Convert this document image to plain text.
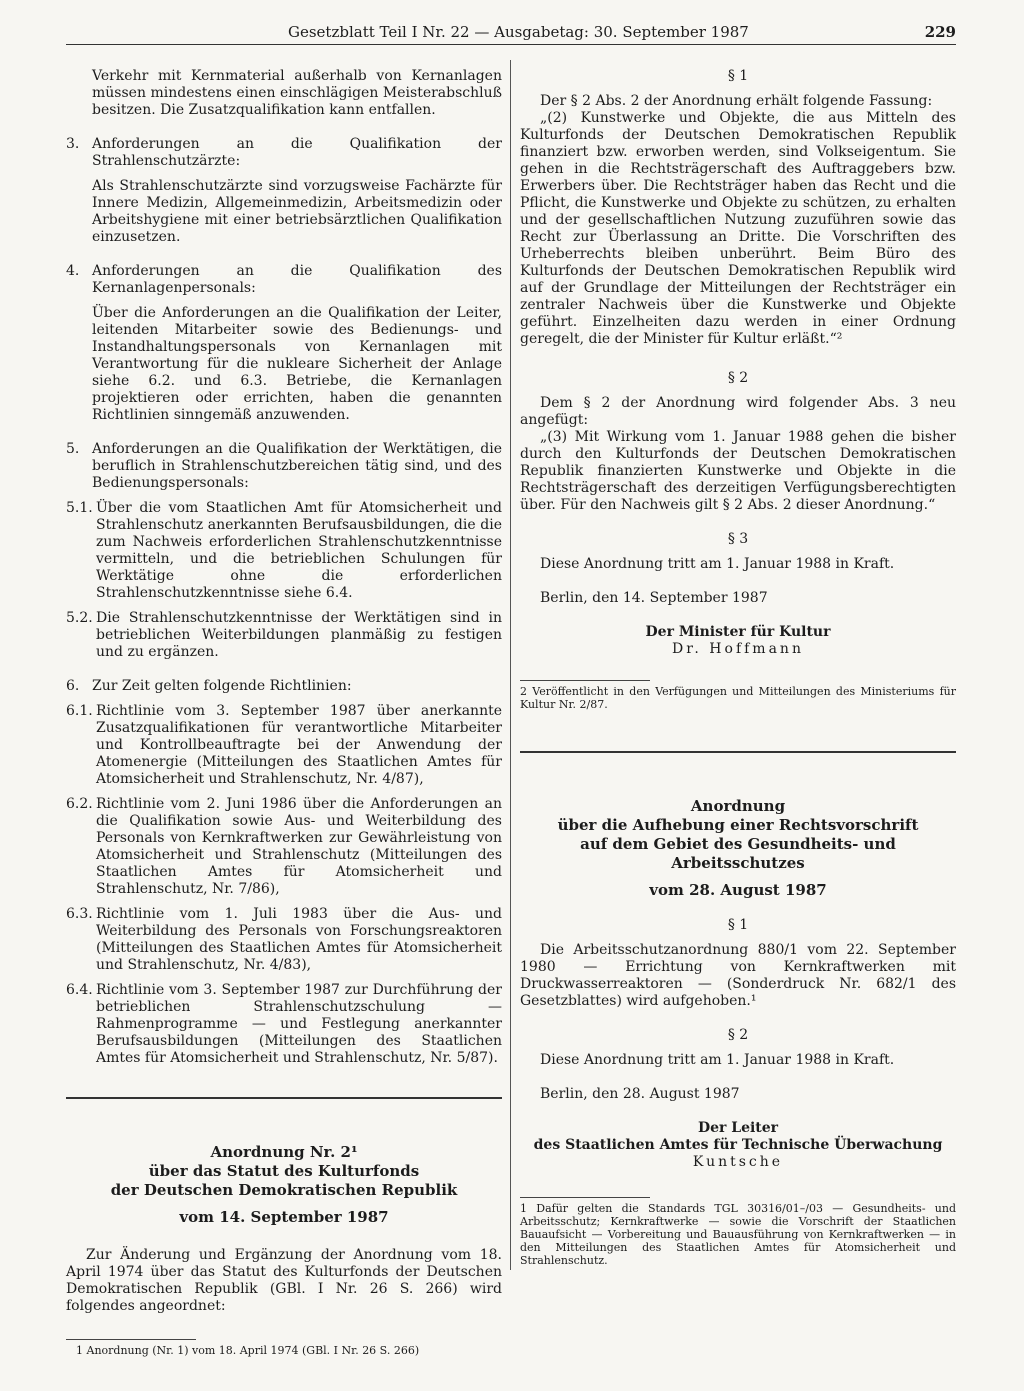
Gesetzblatt Teil I Nr. 22 — Ausgabetag: 30. September 1987	229

Verkehr mit Kernmaterial außerhalb von Kernanlagen müssen mindestens einen einschlägigen Meisterabschluß besitzen. Die Zusatzqualifikation kann entfallen.

3. Anforderungen an die Qualifikation der Strahlenschutzärzte:

Als Strahlenschutzärzte sind vorzugsweise Fachärzte für Innere Medizin, Allgemeinmedizin, Arbeitsmedizin oder Arbeitshygiene mit einer betriebsärztlichen Qualifikation einzusetzen.

4. Anforderungen an die Qualifikation des Kernanlagenpersonals:

Über die Anforderungen an die Qualifikation der Leiter, leitenden Mitarbeiter sowie des Bedienungs- und Instandhaltungspersonals von Kernanlagen mit Verantwortung für die nukleare Sicherheit der Anlage siehe 6.2. und 6.3. Betriebe, die Kernanlagen projektieren oder errichten, haben die genannten Richtlinien sinngemäß anzuwenden.

5. Anforderungen an die Qualifikation der Werktätigen, die beruflich in Strahlenschutzbereichen tätig sind, und des Bedienungspersonals:

5.1. Über die vom Staatlichen Amt für Atomsicherheit und Strahlenschutz anerkannten Berufsausbildungen, die die zum Nachweis erforderlichen Strahlenschutzkenntnisse vermitteln, und die betrieblichen Schulungen für Werktätige ohne die erforderlichen Strahlenschutzkenntnisse siehe 6.4.

5.2. Die Strahlenschutzkenntnisse der Werktätigen sind in betrieblichen Weiterbildungen planmäßig zu festigen und zu ergänzen.

6. Zur Zeit gelten folgende Richtlinien:

6.1. Richtlinie vom 3. September 1987 über anerkannte Zusatzqualifikationen für verantwortliche Mitarbeiter und Kontrollbeauftragte bei der Anwendung der Atomenergie (Mitteilungen des Staatlichen Amtes für Atomsicherheit und Strahlenschutz, Nr. 4/87),

6.2. Richtlinie vom 2. Juni 1986 über die Anforderungen an die Qualifikation sowie Aus- und Weiterbildung des Personals von Kernkraftwerken zur Gewährleistung von Atomsicherheit und Strahlenschutz (Mitteilungen des Staatlichen Amtes für Atomsicherheit und Strahlenschutz, Nr. 7/86),

6.3. Richtlinie vom 1. Juli 1983 über die Aus- und Weiterbildung des Personals von Forschungsreaktoren (Mitteilungen des Staatlichen Amtes für Atomsicherheit und Strahlenschutz, Nr. 4/83),

6.4. Richtlinie vom 3. September 1987 zur Durchführung der betrieblichen Strahlenschutzschulung — Rahmenprogramme — und Festlegung anerkannter Berufsausbildungen (Mitteilungen des Staatlichen Amtes für Atomsicherheit und Strahlenschutz, Nr. 5/87).

Anordnung Nr. 2¹
über das Statut des Kulturfonds
der Deutschen Demokratischen Republik
vom 14. September 1987

Zur Änderung und Ergänzung der Anordnung vom 18. April 1974 über das Statut des Kulturfonds der Deutschen Demokratischen Republik (GBl. I Nr. 26 S. 266) wird folgendes angeordnet:

1 Anordnung (Nr. 1) vom 18. April 1974 (GBl. I Nr. 26 S. 266)

§ 1

Der § 2 Abs. 2 der Anordnung erhält folgende Fassung:

„(2) Kunstwerke und Objekte, die aus Mitteln des Kulturfonds der Deutschen Demokratischen Republik finanziert bzw. erworben werden, sind Volkseigentum. Sie gehen in die Rechtsträgerschaft des Auftraggebers bzw. Erwerbers über. Die Rechtsträger haben das Recht und die Pflicht, die Kunstwerke und Objekte zu schützen, zu erhalten und der gesellschaftlichen Nutzung zuzuführen sowie das Recht zur Überlassung an Dritte. Die Vorschriften des Urheberrechts bleiben unberührt. Beim Büro des Kulturfonds der Deutschen Demokratischen Republik wird auf der Grundlage der Mitteilungen der Rechtsträger ein zentraler Nachweis über die Kunstwerke und Objekte geführt. Einzelheiten dazu werden in einer Ordnung geregelt, die der Minister für Kultur erläßt.“²

§ 2

Dem § 2 der Anordnung wird folgender Abs. 3 neu angefügt:

„(3) Mit Wirkung vom 1. Januar 1988 gehen die bisher durch den Kulturfonds der Deutschen Demokratischen Republik finanzierten Kunstwerke und Objekte in die Rechtsträgerschaft des derzeitigen Verfügungsberechtigten über. Für den Nachweis gilt § 2 Abs. 2 dieser Anordnung.“

§ 3

Diese Anordnung tritt am 1. Januar 1988 in Kraft.

Berlin, den 14. September 1987

Der Minister für Kultur
Dr. Hoffmann

2 Veröffentlicht in den Verfügungen und Mitteilungen des Ministeriums für Kultur Nr. 2/87.

Anordnung
über die Aufhebung einer Rechtsvorschrift
auf dem Gebiet des Gesundheits- und Arbeitsschutzes
vom 28. August 1987
§ 1

Die Arbeitsschutzanordnung 880/1 vom 22. September 1980 — Errichtung von Kernkraftwerken mit Druckwasserreaktoren — (Sonderdruck Nr. 682/1 des Gesetzblattes) wird aufgehoben.¹

§ 2

Diese Anordnung tritt am 1. Januar 1988 in Kraft.

Berlin, den 28. August 1987

Der Leiter
des Staatlichen Amtes für Technische Überwachung
Kuntsche

1 Dafür gelten die Standards TGL 30316/01–/03 — Gesundheits- und Arbeitsschutz; Kernkraftwerke — sowie die Vorschrift der Staatlichen Bauaufsicht — Vorbereitung und Bauausführung von Kernkraftwerken — in den Mitteilungen des Staatlichen Amtes für Atomsicherheit und Strahlenschutz.
